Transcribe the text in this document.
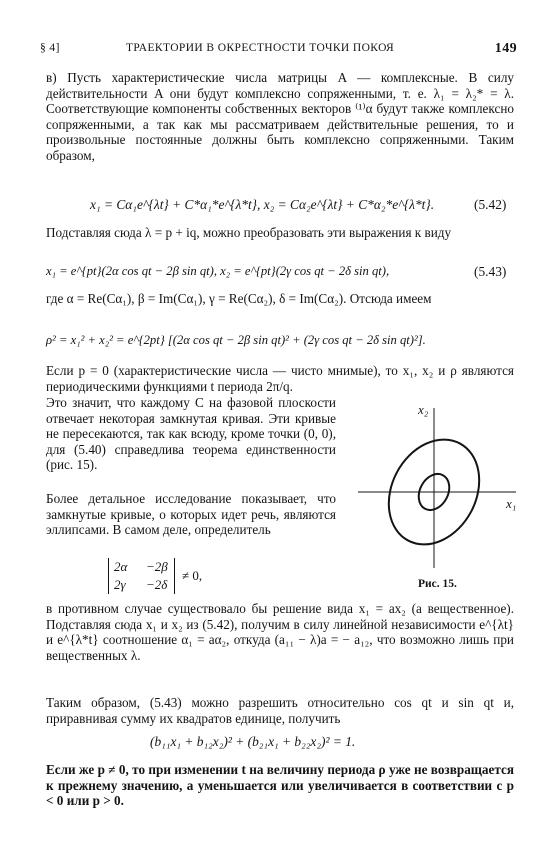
§ 4]	ТРАЕКТОРИИ В ОКРЕСТНОСТИ ТОЧКИ ПОКОЯ	149
в) Пусть характеристические числа матрицы A — комплексные. В силу действительности A они будут комплексно сопряженными, т. е. λ₁ = λ₂* = λ. Соответствующие компоненты собственных векторов ⁽¹⁾α будут также комплексно сопряженными, а так как мы рассматриваем действительные решения, то и произвольные постоянные должны быть комплексно сопряженными. Таким образом,
x₁ = Cα₁e^{λt} + C*α₁*e^{λ*t}, x₂ = Cα₂e^{λt} + C*α₂*e^{λ*t}.	(5.42)
Подставляя сюда λ = p + iq, можно преобразовать эти выражения к виду
x₁ = e^{pt}(2α cos qt − 2β sin qt), x₂ = e^{pt}(2γ cos qt − 2δ sin qt),	(5.43)
где α = Re(Cα₁), β = Im(Cα₁), γ = Re(Cα₂), δ = Im(Cα₂). Отсюда имеем
ρ² = x₁² + x₂² = e^{2pt} [(2α cos qt − 2β sin qt)² + (2γ cos qt − 2δ sin qt)²].
Если p = 0 (характеристические числа — чисто мнимые), то x₁, x₂ и ρ являются периодическими функциями t периода 2π/q.
Это значит, что каждому C на фазовой плоскости отвечает некоторая замкнутая кривая. Эти кривые не пересекаются, так как всюду, кроме точки (0, 0), для (5.40) справедлива теорема единственности (рис. 15).
Более детальное исследование показывает, что замкнутые кривые, о которых идет речь, являются эллипсами. В самом деле, определитель
2α −2β
2γ −2δ
≠ 0,
x₁
x₂
Рис. 15.
в противном случае существовало бы решение вида x₁ = ax₂ (a вещественное). Подставляя сюда x₁ и x₂ из (5.42), получим в силу линейной независимости e^{λt} и e^{λ*t} соотношение α₁ = aα₂, откуда (a₁₁ − λ)a = − a₁₂, что возможно лишь при вещественных λ.
Таким образом, (5.43) можно разрешить относительно cos qt и sin qt и, приравнивая сумму их квадратов единице, получить
(b₁₁x₁ + b₁₂x₂)² + (b₂₁x₁ + b₂₂x₂)² = 1.
Если же p ≠ 0, то при изменении t на величину периода ρ уже не возвращается к прежнему значению, а уменьшается или увеличивается в соответствии с p < 0 или p > 0.
